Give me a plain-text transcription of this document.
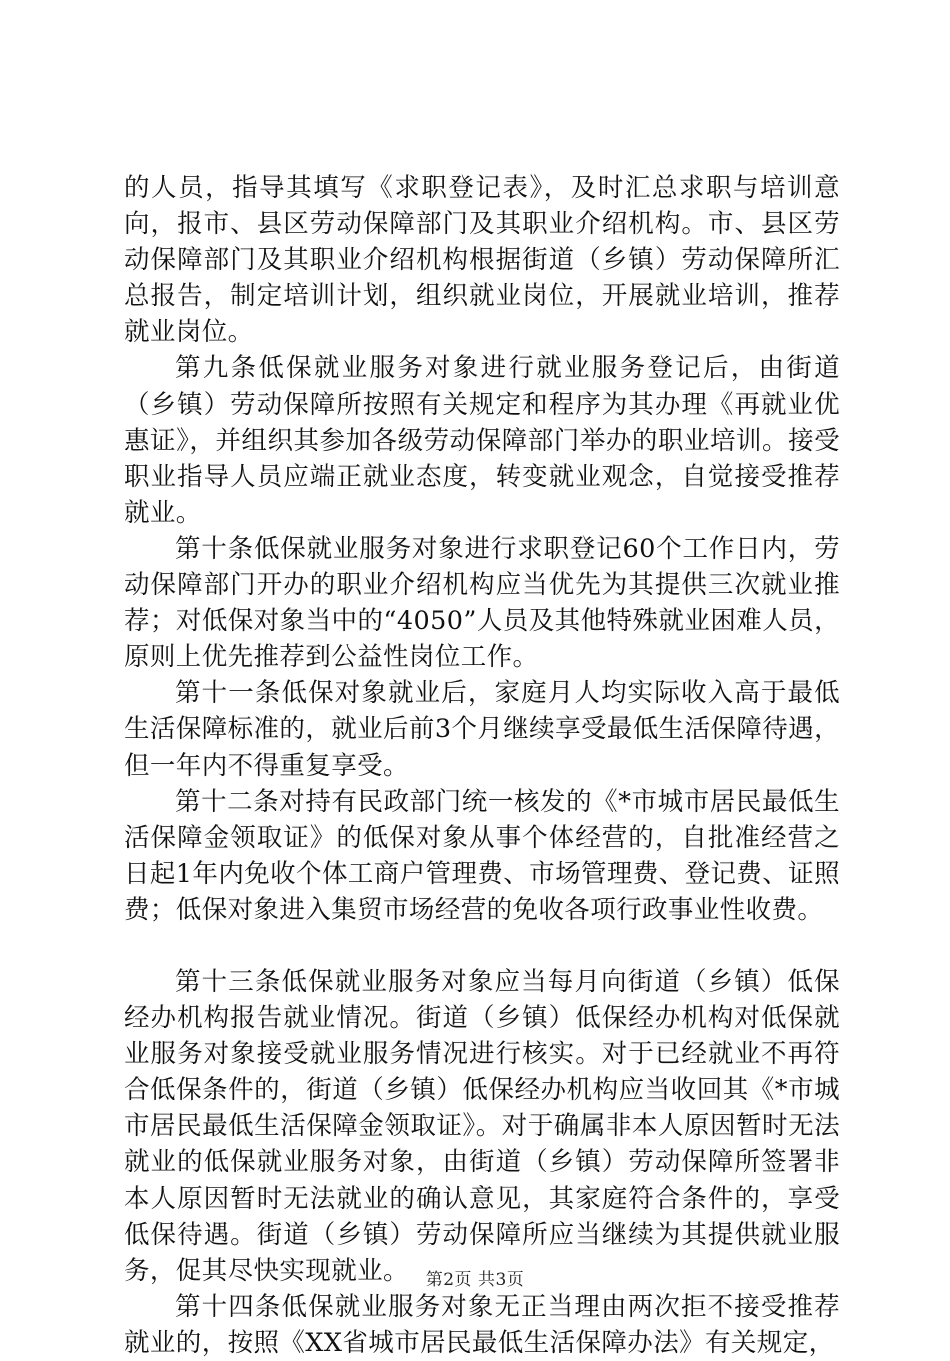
的人员，指导其填写《求职登记表》，及时汇总求职与培训意向，报市、县区劳动保障部门及其职业介绍机构。市、县区劳动保障部门及其职业介绍机构根据街道（乡镇）劳动保障所汇总报告，制定培训计划，组织就业岗位，开展就业培训，推荐就业岗位。

第九条低保就业服务对象进行就业服务登记后，由街道（乡镇）劳动保障所按照有关规定和程序为其办理《再就业优惠证》，并组织其参加各级劳动保障部门举办的职业培训。接受职业指导人员应端正就业态度，转变就业观念，自觉接受推荐就业。

第十条低保就业服务对象进行求职登记60个工作日内，劳动保障部门开办的职业介绍机构应当优先为其提供三次就业推荐；对低保对象当中的“4050”人员及其他特殊就业困难人员，原则上优先推荐到公益性岗位工作。

第十一条低保对象就业后，家庭月人均实际收入高于最低生活保障标准的，就业后前3个月继续享受最低生活保障待遇，但一年内不得重复享受。

第十二条对持有民政部门统一核发的《*市城市居民最低生活保障金领取证》的低保对象从事个体经营的，自批准经营之日起1年内免收个体工商户管理费、市场管理费、登记费、证照费；低保对象进入集贸市场经营的免收各项行政事业性收费。

第十三条低保就业服务对象应当每月向街道（乡镇）低保经办机构报告就业情况。街道（乡镇）低保经办机构对低保就业服务对象接受就业服务情况进行核实。对于已经就业不再符合低保条件的，街道（乡镇）低保经办机构应当收回其《*市城市居民最低生活保障金领取证》。对于确属非本人原因暂时无法就业的低保就业服务对象，由街道（乡镇）劳动保障所签署非本人原因暂时无法就业的确认意见，其家庭符合条件的，享受低保待遇。街道（乡镇）劳动保障所应当继续为其提供就业服务，促其尽快实现就业。

第十四条低保就业服务对象无正当理由两次拒不接受推荐就业的，按照《XX省城市居民最低生活保障办法》有关规定，

第2页 共3页
